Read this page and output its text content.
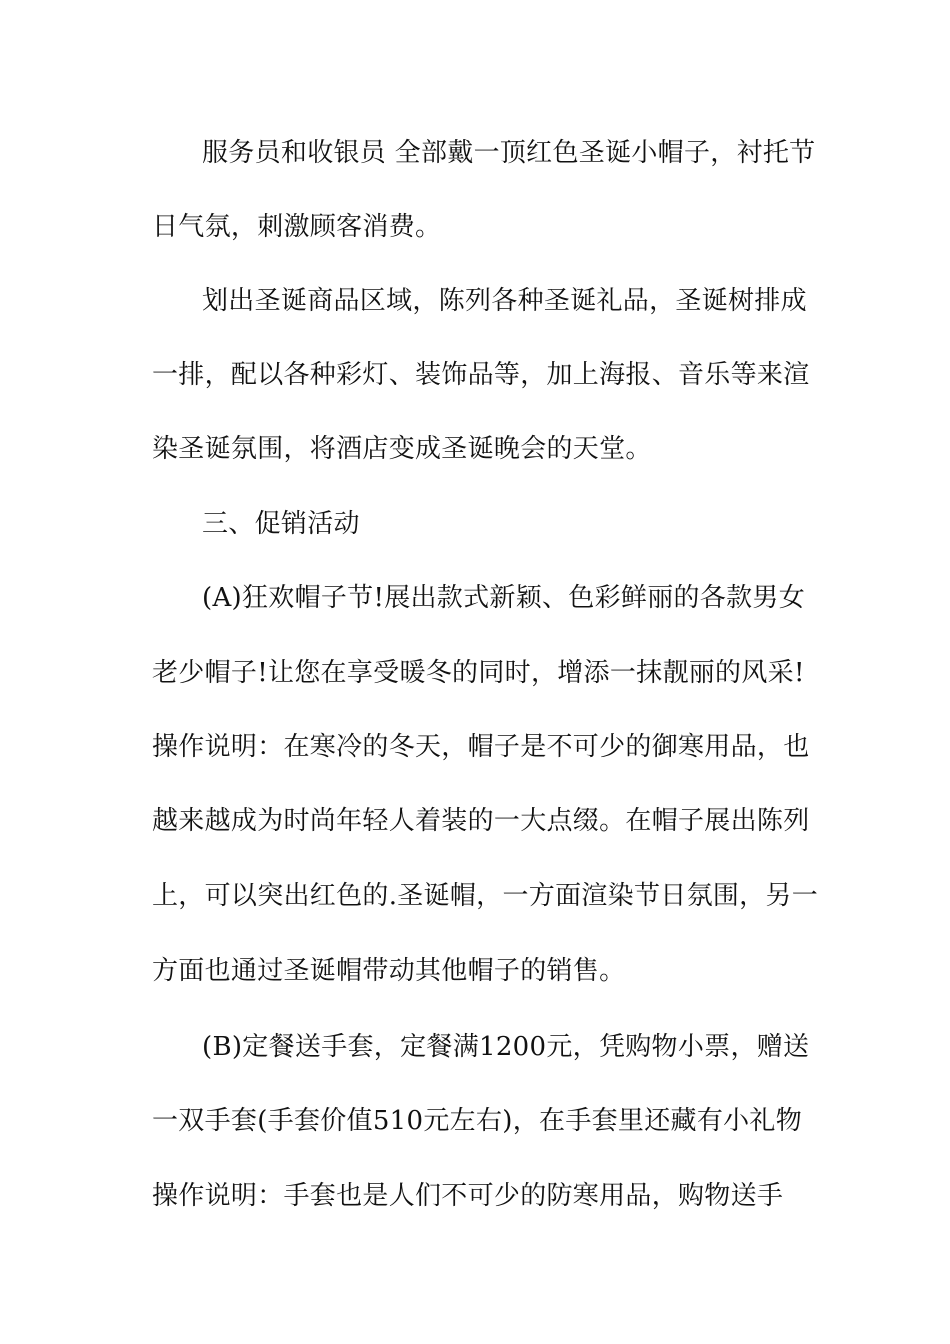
服务员和收银员 全部戴一顶红色圣诞小帽子，衬托节
日气氛，刺激顾客消费。
划出圣诞商品区域，陈列各种圣诞礼品，圣诞树排成
一排，配以各种彩灯、装饰品等，加上海报、音乐等来渲
染圣诞氛围，将酒店变成圣诞晚会的天堂。
三、促销活动
(A)狂欢帽子节!展出款式新颖、色彩鲜丽的各款男女
老少帽子!让您在享受暖冬的同时，增添一抹靓丽的风采!
操作说明：在寒冷的冬天，帽子是不可少的御寒用品，也
越来越成为时尚年轻人着装的一大点缀。在帽子展出陈列
上，可以突出红色的.圣诞帽，一方面渲染节日氛围，另一
方面也通过圣诞帽带动其他帽子的销售。
(B)定餐送手套，定餐满1200元，凭购物小票，赠送
一双手套(手套价值510元左右)，在手套里还藏有小礼物
操作说明：手套也是人们不可少的防寒用品，购物送手
